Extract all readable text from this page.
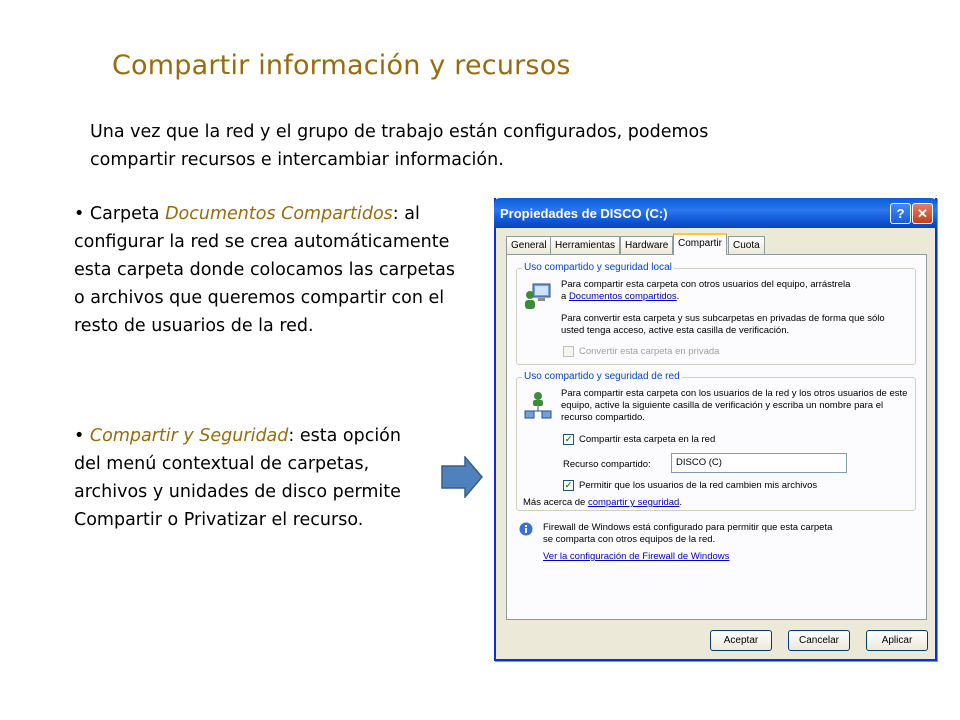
Compartir información y recursos
Una vez que la red y el grupo de trabajo están configurados, podemos compartir recursos e intercambiar información.
• Carpeta Documentos Compartidos: al configurar la red se crea automáticamente esta carpeta donde colocamos las carpetas o archivos que queremos compartir con el resto de usuarios de la red.
• Compartir y Seguridad: esta opción del menú contextual de carpetas, archivos y unidades de disco permite Compartir o Privatizar el recurso.
Propiedades de DISCO (C:)	? ✕
General Herramientas Hardware Compartir	Cuota
Uso compartido y seguridad local
Para compartir esta carpeta con otros usuarios del equipo, arrástrela
a Documentos compartidos.
Para convertir esta carpeta y sus subcarpetas en privadas de forma que sólo usted tenga acceso, active esta casilla de verificación.
Convertir esta carpeta en privada
Uso compartido y seguridad de red
Para compartir esta carpeta con los usuarios de la red y los otros usuarios de este equipo, active la siguiente casilla de verificación y escriba un nombre para el recurso compartido.
✓ Compartir esta carpeta en la red
Recurso compartido:	DISCO (C)
✓ Permitir que los usuarios de la red cambien mis archivos
Más acerca de compartir y seguridad.
Firewall de Windows está configurado para permitir que esta carpeta se comparta con otros equipos de la red.
Ver la configuración de Firewall de Windows
Aceptar	Cancelar	Aplicar
